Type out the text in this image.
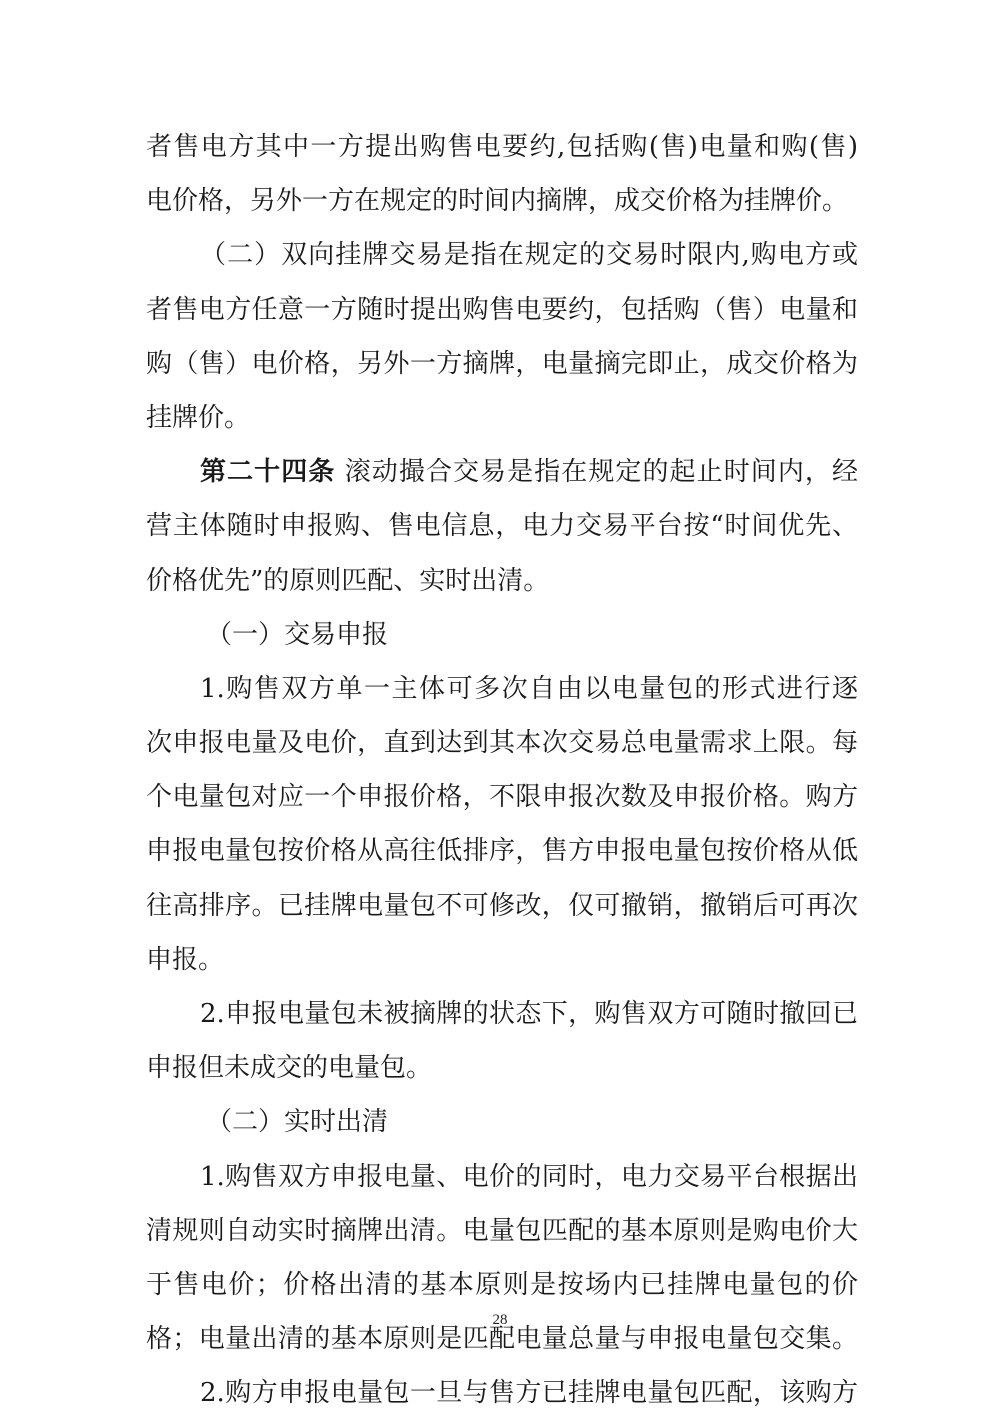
者售电方其中一方提出购售电要约,包括购(售)电量和购(售)
电价格，另外一方在规定的时间内摘牌，成交价格为挂牌价。
（二）双向挂牌交易是指在规定的交易时限内,购电方或
者售电方任意一方随时提出购售电要约，包括购（售）电量和
购（售）电价格，另外一方摘牌，电量摘完即止，成交价格为
挂牌价。
第二十四条 滚动撮合交易是指在规定的起止时间内，经
营主体随时申报购、售电信息，电力交易平台按“时间优先、
价格优先”的原则匹配、实时出清。
（一）交易申报
1.购售双方单一主体可多次自由以电量包的形式进行逐
次申报电量及电价，直到达到其本次交易总电量需求上限。每
个电量包对应一个申报价格，不限申报次数及申报价格。购方
申报电量包按价格从高往低排序，售方申报电量包按价格从低
往高排序。已挂牌电量包不可修改，仅可撤销，撤销后可再次
申报。
2.申报电量包未被摘牌的状态下，购售双方可随时撤回已
申报但未成交的电量包。
（二）实时出清
1.购售双方申报电量、电价的同时，电力交易平台根据出
清规则自动实时摘牌出清。电量包匹配的基本原则是购电价大
于售电价；价格出清的基本原则是按场内已挂牌电量包的价
格；电量出清的基本原则是匹配电量总量与申报电量包交集。
2.购方申报电量包一旦与售方已挂牌电量包匹配，该购方
28
